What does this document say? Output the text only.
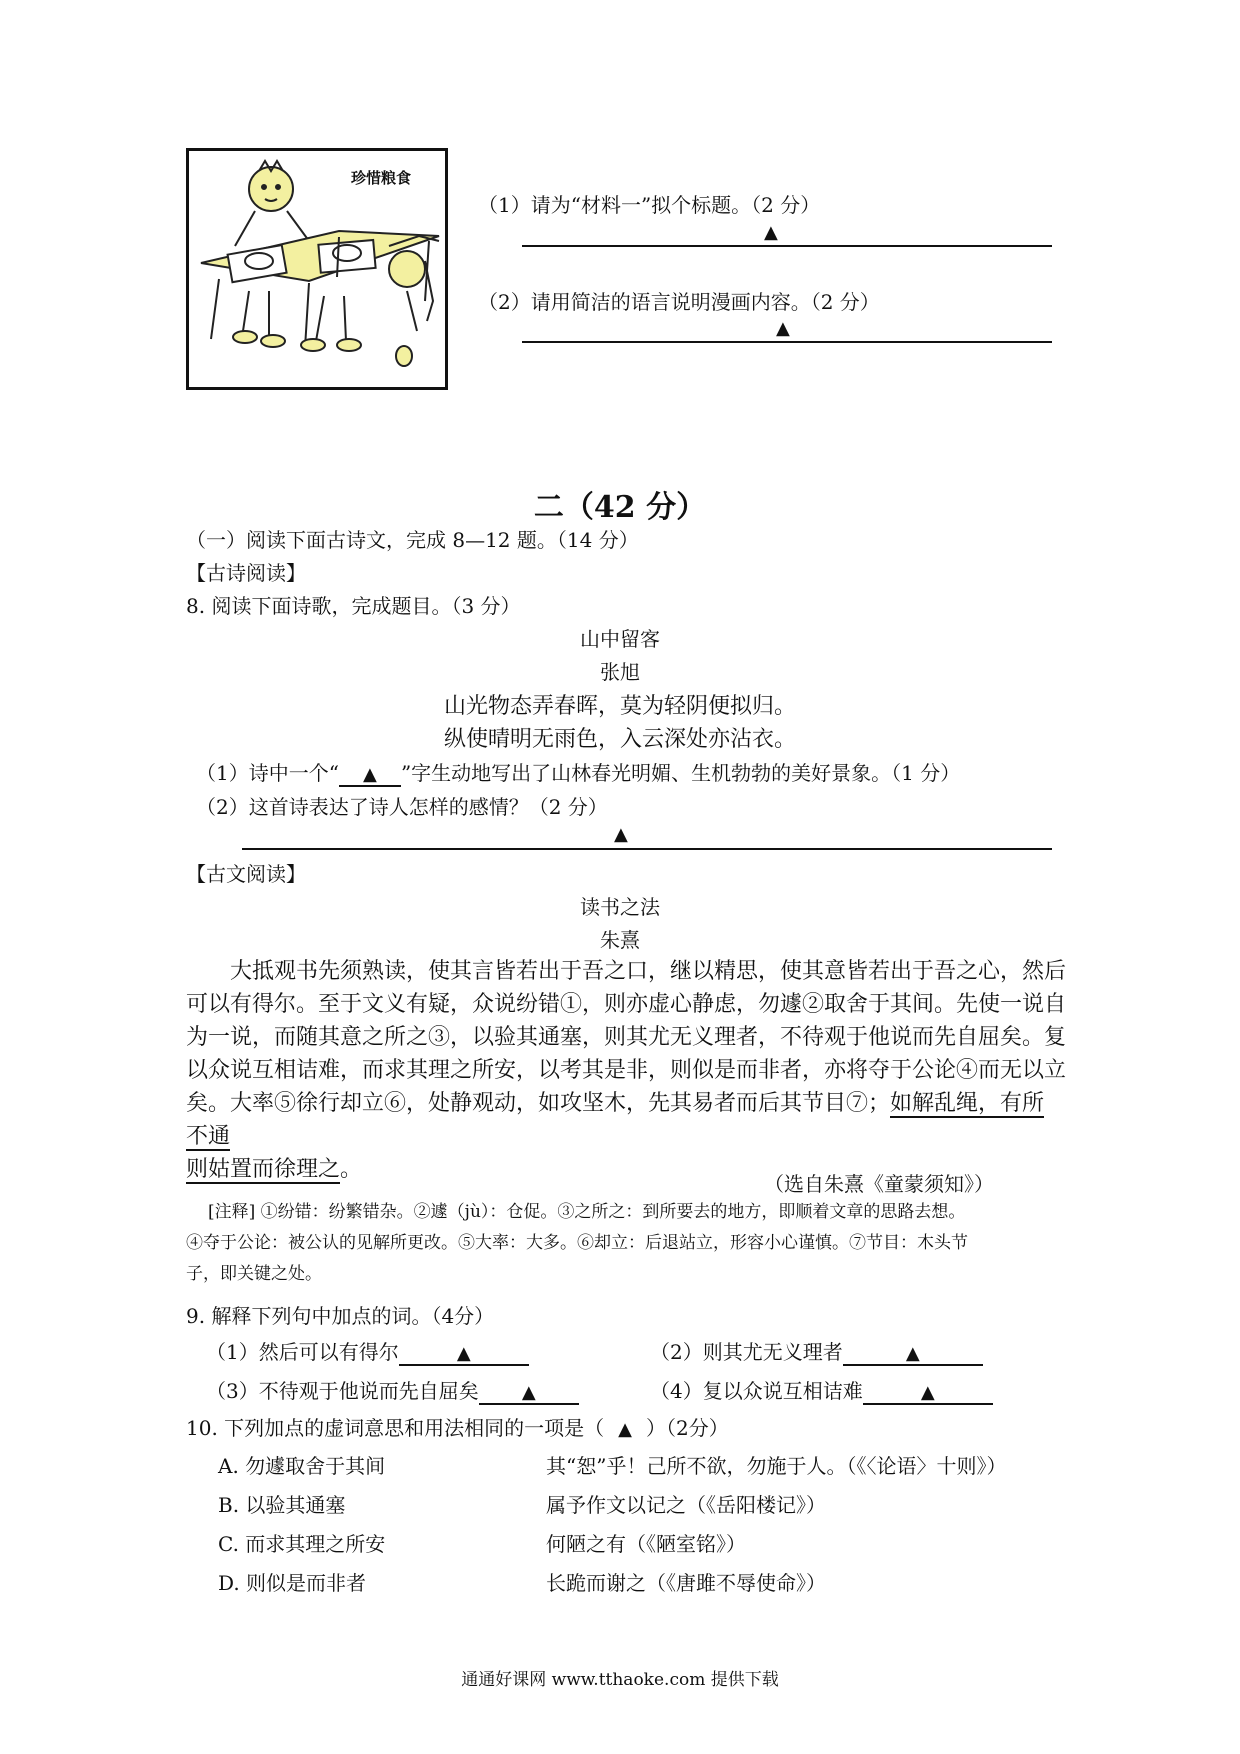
珍惜粮食
（1）请为“材料一”拟个标题。（2 分）
▲
（2）请用简洁的语言说明漫画内容。（2 分）
▲
二（42 分）
（一）阅读下面古诗文，完成 8—12 题。（14 分）
【古诗阅读】
8. 阅读下面诗歌，完成题目。（3 分）
山中留客
张旭
山光物态弄春晖，莫为轻阴便拟归。
纵使晴明无雨色，入云深处亦沾衣。
（1）诗中一个“ ▲ ”字生动地写出了山林春光明媚、生机勃勃的美好景象。（1 分）
（2）这首诗表达了诗人怎样的感情？（2 分）
▲
【古文阅读】
读书之法
朱熹
大抵观书先须熟读，使其言皆若出于吾之口，继以精思，使其意皆若出于吾之心，然后
可以有得尔。至于文义有疑，众说纷错①，则亦虚心静虑，勿遽②取舍于其间。先使一说自
为一说，而随其意之所之③，以验其通塞，则其尤无义理者，不待观于他说而先自屈矣。复
以众说互相诘难，而求其理之所安，以考其是非，则似是而非者，亦将夺于公论④而无以立
矣。大率⑤徐行却立⑥，处静观动，如攻坚木，先其易者而后其节目⑦；如解乱绳，有所不通
则姑置而徐理之。
（选自朱熹《童蒙须知》）
[注释] ①纷错：纷繁错杂。②遽（jù）：仓促。③之所之：到所要去的地方，即顺着文章的思路去想。
④夺于公论：被公认的见解所更改。⑤大率：大多。⑥却立：后退站立，形容小心谨慎。⑦节目：木头节
子，即关键之处。
9. 解释下列句中加点的词。（4分）
（1）然后可以有得尔	▲	（2）则其尤无义理者	▲
（3）不待观于他说而先自屈矣 ▲	（4）复以众说互相诘难	▲
10. 下列加点的虚词意思和用法相同的一项是（ ▲ ）（2分）
A. 勿遽取舍于其间	其“恕”乎！己所不欲，勿施于人。（《〈论语〉十则》）
B. 以验其通塞	属予作文以记之（《岳阳楼记》）
C. 而求其理之所安	何陋之有（《陋室铭》）
D. 则似是而非者	长跪而谢之（《唐雎不辱使命》）
通通好课网 www.tthaoke.com 提供下载
